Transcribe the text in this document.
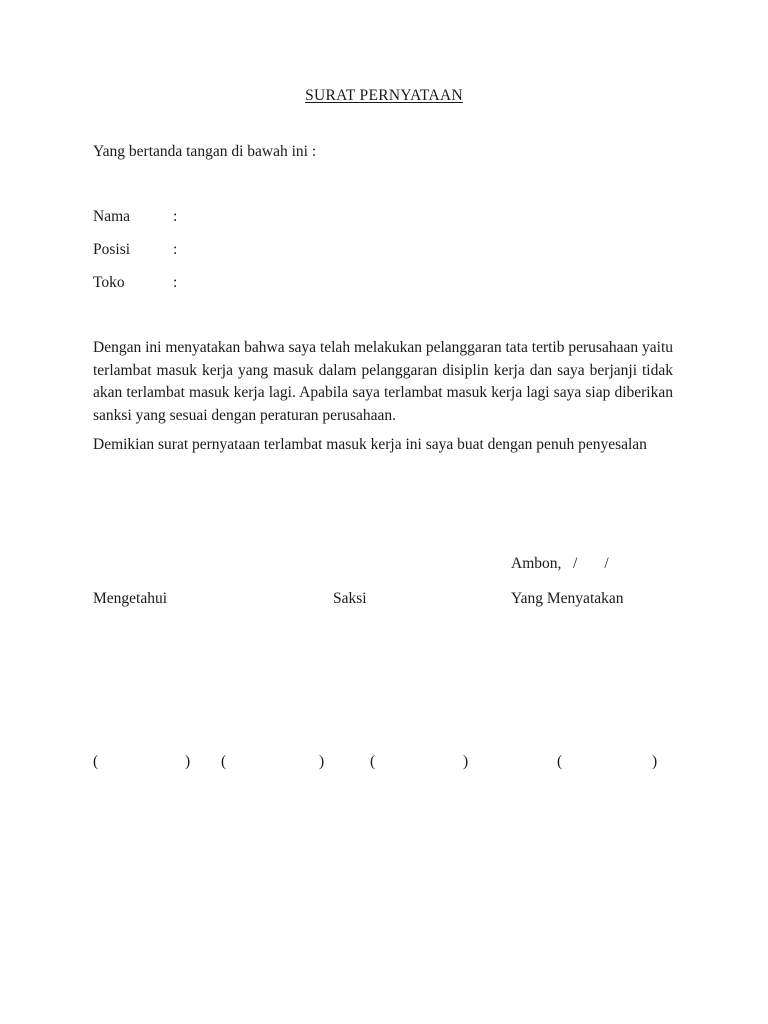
SURAT PERNYATAAN
Yang bertanda tangan di bawah ini :
Nama	:
Posisi	:
Toko	:
Dengan ini menyatakan bahwa saya telah melakukan pelanggaran tata tertib perusahaan yaitu terlambat masuk kerja yang masuk dalam pelanggaran disiplin kerja dan saya berjanji tidak akan terlambat masuk kerja lagi. Apabila saya terlambat masuk kerja lagi saya siap diberikan sanksi yang sesuai dengan peraturan perusahaan.
Demikian surat pernyataan terlambat masuk kerja ini saya buat dengan penuh penyesalan
Ambon,   /       /
Mengetahui	Saksi	Yang Menyatakan
(	) (	)	(	)	(	)
